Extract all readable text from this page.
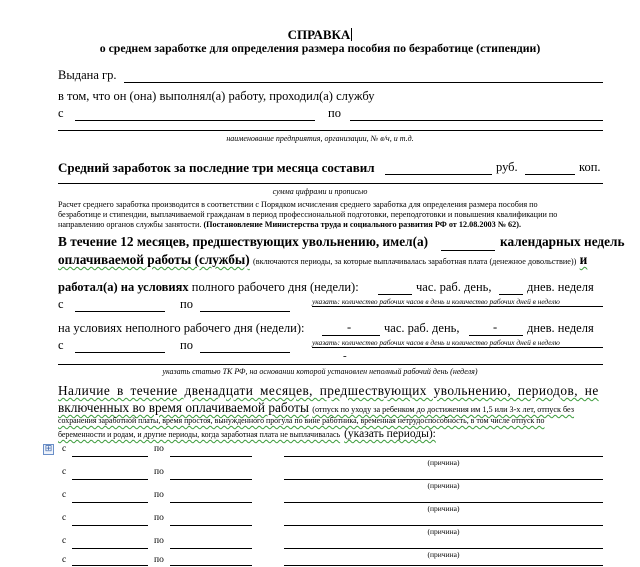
СПРАВКА
о среднем заработке для определения размера пособия по безработице (стипендии)
Выдана гр.
в том, что он (она) выполнял(а) работу, проходил(а) службу
с	по
наименование предприятия, организации, № в/ч, и т.д.
Средний заработок за последние три месяца составил	руб.	коп.
сумма цифрами и прописью
Расчет среднего заработка производится в соответствии с Порядком исчисления среднего заработка для определения размера пособия по
безработице и стипендии, выплачиваемой гражданам в период профессиональной подготовки, переподготовки и повышения квалификации по
направлению органов службы занятости. (Постановление Министерства труда и социального развития РФ от 12.08.2003 № 62).
В течение 12 месяцев, предшествующих увольнению, имел(а)	календарных недель
оплачиваемой работы (службы) (включаются периоды, за которые выплачивалась заработная плата (денежное довольствие)) и
работал(а) на условиях полного рабочего дня (недели):	час. раб. день,	днев. неделя
с	по	указать: количество рабочих часов в день и количество рабочих дней в неделю
на условиях неполного рабочего дня (недели):	-	час. раб. день,	- днев. неделя
с	по	указать: количество рабочих часов в день и количество рабочих дней в неделю
-
указать статью ТК РФ, на основании которой установлен неполный рабочий день (неделя)
Наличие в течение двенадцати месяцев, предшествующих увольнению, периодов, не
включенных во время оплачиваемой работы (отпуск по уходу за ребенком до достижения им 1,5 или 3-х лет, отпуск без
сохранения заработной платы, время простоя, вынужденного прогула по вине работника, временная нетрудоспособность, в том числе отпуск по
беременности и родам, и другие периоды, когда заработная плата не выплачивалась (указать периоды):
⊞ с	по
(причина)
с	по
(причина)
с	по
(причина)
с	по
(причина)
с	по
(причина)
с	по
